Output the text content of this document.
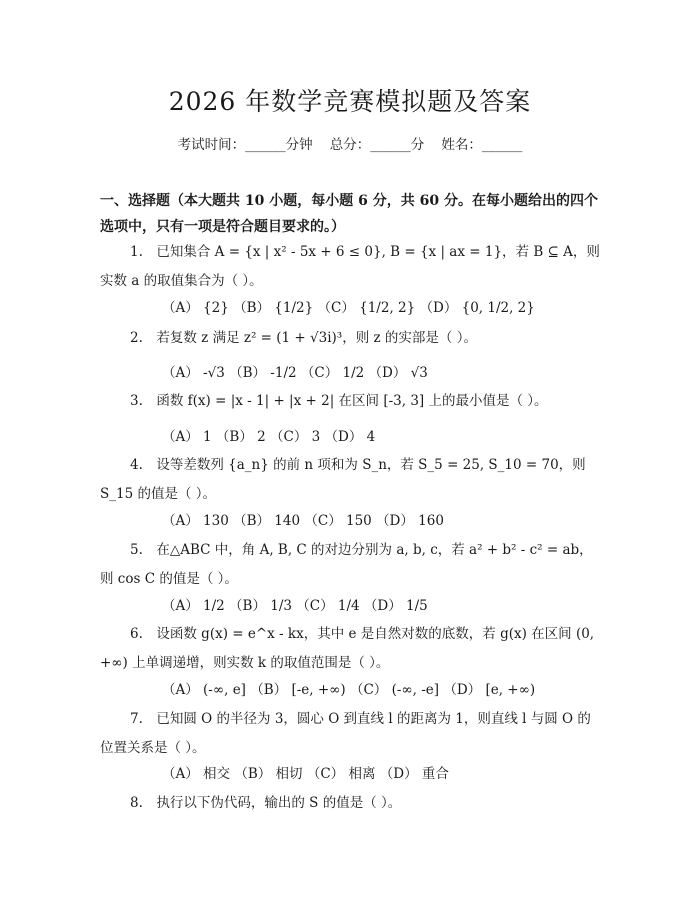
2026 年数学竞赛模拟题及答案
考试时间：______分钟    总分：______分    姓名：______
一、选择题（本大题共 10 小题，每小题 6 分，共 60 分。在每小题给出的四个选项中，只有一项是符合题目要求的。）
1.　已知集合 A = {x | x² - 5x + 6 ≤ 0}, B = {x | ax = 1}，若 B ⊆ A，则实数 a 的取值集合为（ ）。
（A） {2} （B） {1/2} （C） {1/2, 2} （D） {0, 1/2, 2}
2.　若复数 z 满足 z² = (1 + √3i)³，则 z 的实部是（ ）。
（A） -√3 （B） -1/2 （C） 1/2 （D） √3
3.　函数 f(x) = |x - 1| + |x + 2| 在区间 [-3, 3] 上的最小值是（ ）。
（A） 1 （B） 2 （C） 3 （D） 4
4.　设等差数列 {a_n} 的前 n 项和为 S_n，若 S_5 = 25, S_10 = 70，则 S_15 的值是（ ）。
（A） 130 （B） 140 （C） 150 （D） 160
5.　在△ABC 中，角 A, B, C 的对边分别为 a, b, c，若 a² + b² - c² = ab，则 cos C 的值是（ ）。
（A） 1/2 （B） 1/3 （C） 1/4 （D） 1/5
6.　设函数 g(x) = e^x - kx，其中 e 是自然对数的底数，若 g(x) 在区间 (0, +∞) 上单调递增，则实数 k 的取值范围是（ ）。
（A） (-∞, e] （B） [-e, +∞) （C） (-∞, -e] （D） [e, +∞)
7.　已知圆 O 的半径为 3，圆心 O 到直线 l 的距离为 1，则直线 l 与圆 O 的位置关系是（ ）。
（A） 相交 （B） 相切 （C） 相离 （D） 重合
8.　执行以下伪代码，输出的 S 的值是（ ）。
